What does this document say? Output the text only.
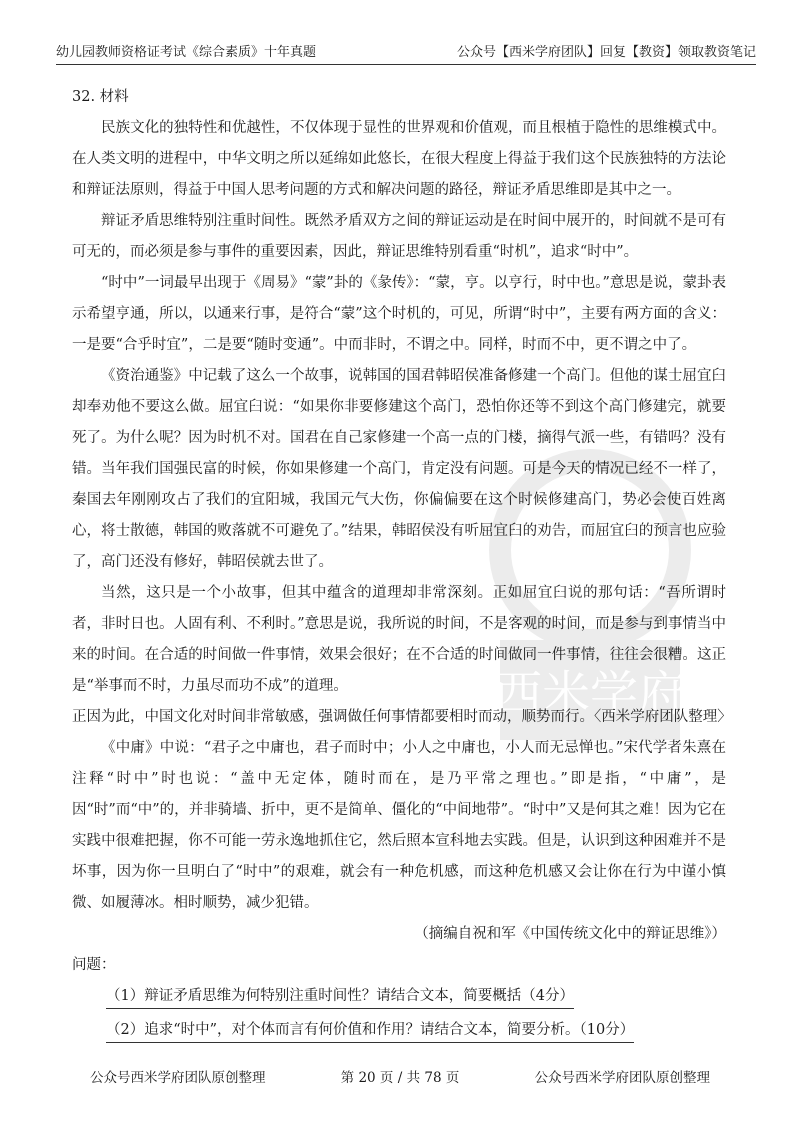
幼儿园教师资格证考试《综合素质》十年真题	公众号【西米学府团队】回复【教资】领取教资笔记
西米学府

32. 材料

民族文化的独特性和优越性，不仅体现于显性的世界观和价值观，而且根植于隐性的思维模式中。在人类文明的进程中，中华文明之所以延绵如此悠长，在很大程度上得益于我们这个民族独特的方法论和辩证法原则，得益于中国人思考问题的方式和解决问题的路径，辩证矛盾思维即是其中之一。

辩证矛盾思维特别注重时间性。既然矛盾双方之间的辩证运动是在时间中展开的，时间就不是可有可无的，而必须是参与事件的重要因素，因此，辩证思维特别看重“时机”，追求“时中”。

“时中”一词最早出现于《周易》“蒙”卦的《彖传》：“蒙，亨。以亨行，时中也。”意思是说，蒙卦表示希望亨通，所以，以通来行事，是符合“蒙”这个时机的，可见，所谓“时中”，主要有两方面的含义：一是要“合乎时宜”，二是要“随时变通”。中而非时，不谓之中。同样，时而不中，更不谓之中了。

《资治通鉴》中记载了这么一个故事，说韩国的国君韩昭侯准备修建一个高门。但他的谋士屈宜臼却奉劝他不要这么做。屈宜臼说：“如果你非要修建这个高门，恐怕你还等不到这个高门修建完，就要死了。为什么呢？因为时机不对。国君在自己家修建一个高一点的门楼，摘得气派一些，有错吗？没有错。当年我们国强民富的时候，你如果修建一个高门，肯定没有问题。可是今天的情况已经不一样了，秦国去年刚刚攻占了我们的宜阳城，我国元气大伤，你偏偏要在这个时候修建高门，势必会使百姓离心，将士散德，韩国的败落就不可避免了。”结果，韩昭侯没有听屈宜臼的劝告，而屈宜臼的预言也应验了，高门还没有修好，韩昭侯就去世了。

当然，这只是一个小故事，但其中蕴含的道理却非常深刻。正如屈宜臼说的那句话：“吾所谓时者，非时日也。人固有利、不利时。”意思是说，我所说的时间，不是客观的时间，而是参与到事情当中来的时间。在合适的时间做一件事情，效果会很好；在不合适的时间做同一件事情，往往会很糟。这正是“举事而不时，力虽尽而功不成”的道理。

正因为此，中国文化对时间非常敏感，强调做任何事情都要相时而动，顺势而行。〈西米学府团队整理〉

《中庸》中说：“君子之中庸也，君子而时中；小人之中庸也，小人而无忌惮也。”宋代学者朱熹在注释“时中”时也说：“盖中无定体，随时而在，是乃平常之理也。”即是指，“中庸”，是因“时”而“中”的，并非骑墙、折中，更不是简单、僵化的“中间地带”。“时中”又是何其之难！因为它在实践中很难把握，你不可能一劳永逸地抓住它，然后照本宣科地去实践。但是，认识到这种困难并不是坏事，因为你一旦明白了“时中”的艰难，就会有一种危机感，而这种危机感又会让你在行为中谨小慎微、如履薄冰。相时顺势，减少犯错。

（摘编自祝和军《中国传统文化中的辩证思维》）

问题：

（1）辩证矛盾思维为何特别注重时间性？请结合文本，简要概括（4分）

（2）追求“时中”，对个体而言有何价值和作用？请结合文本，简要分析。（10分）

公众号西米学府团队原创整理	第 20 页 / 共 78 页	公众号西米学府团队原创整理
